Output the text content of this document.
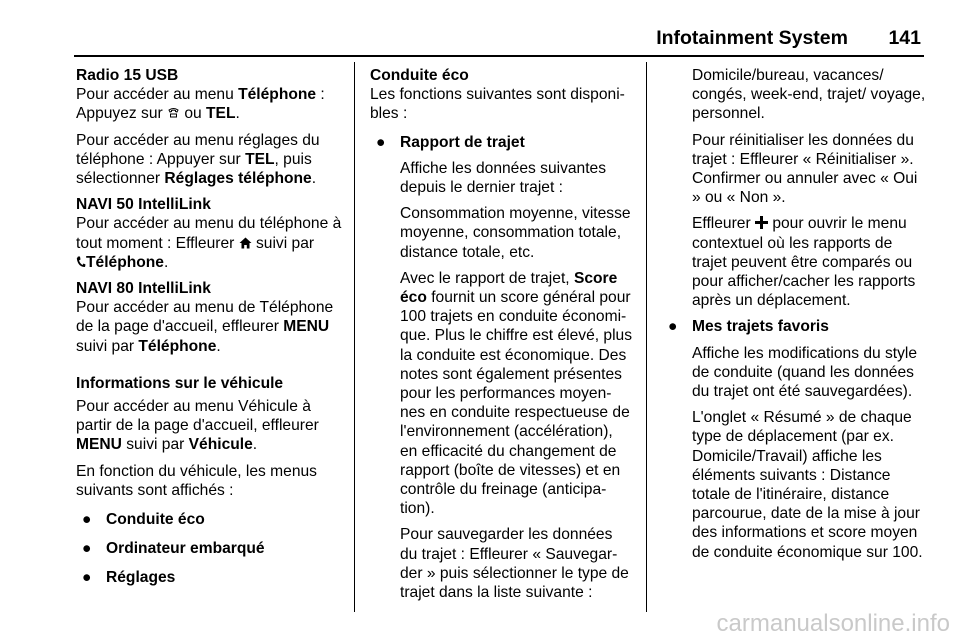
Infotainment System 141

Radio 15 USB

Pour accéder au menu Téléphone :
Appuyez sur  ou TEL.

Pour accéder au menu réglages du téléphone : Appuyer sur TEL, puis sélectionner Réglages téléphone.

NAVI 50 IntelliLink

Pour accéder au menu du téléphone à tout moment : Effleurer  suivi par
Téléphone.

NAVI 80 IntelliLink

Pour accéder au menu de Téléphone de la page d'accueil, effleurer MENU suivi par Téléphone.

Informations sur le véhicule

Pour accéder au menu Véhicule à partir de la page d'accueil, effleurer MENU suivi par Véhicule.

En fonction du véhicule, les menus suivants sont affichés :

● Conduite éco
● Ordinateur embarqué
● Réglages

Conduite éco

Les fonctions suivantes sont disponi-bles :

● Rapport de trajet

Affiche les données suivantes depuis le dernier trajet :

Consommation moyenne, vitesse moyenne, consommation totale, distance totale, etc.

Avec le rapport de trajet, Score éco fournit un score général pour 100 trajets en conduite économi-que. Plus le chiffre est élevé, plus la conduite est économique. Des notes sont également présentes pour les performances moyen-nes en conduite respectueuse de l'environnement (accélération), en efficacité du changement de rapport (boîte de vitesses) et en contrôle du freinage (anticipa-tion).

Pour sauvegarder les données du trajet : Effleurer « Sauvegar-der » puis sélectionner le type de trajet dans la liste suivante :

Domicile/bureau, vacances/ congés, week-end, trajet/ voyage, personnel.

Pour réinitialiser les données du trajet : Effleurer « Réinitialiser ». Confirmer ou annuler avec « Oui » ou « Non ».

Effleurer  pour ouvrir le menu contextuel où les rapports de trajet peuvent être comparés ou pour afficher/cacher les rapports après un déplacement.

● Mes trajets favoris

Affiche les modifications du style de conduite (quand les données du trajet ont été sauvegardées).

L'onglet « Résumé » de chaque type de déplacement (par ex. Domicile/Travail) affiche les éléments suivants : Distance totale de l'itinéraire, distance parcourue, date de la mise à jour des informations et score moyen de conduite économique sur 100.

carmanualsonline.info
